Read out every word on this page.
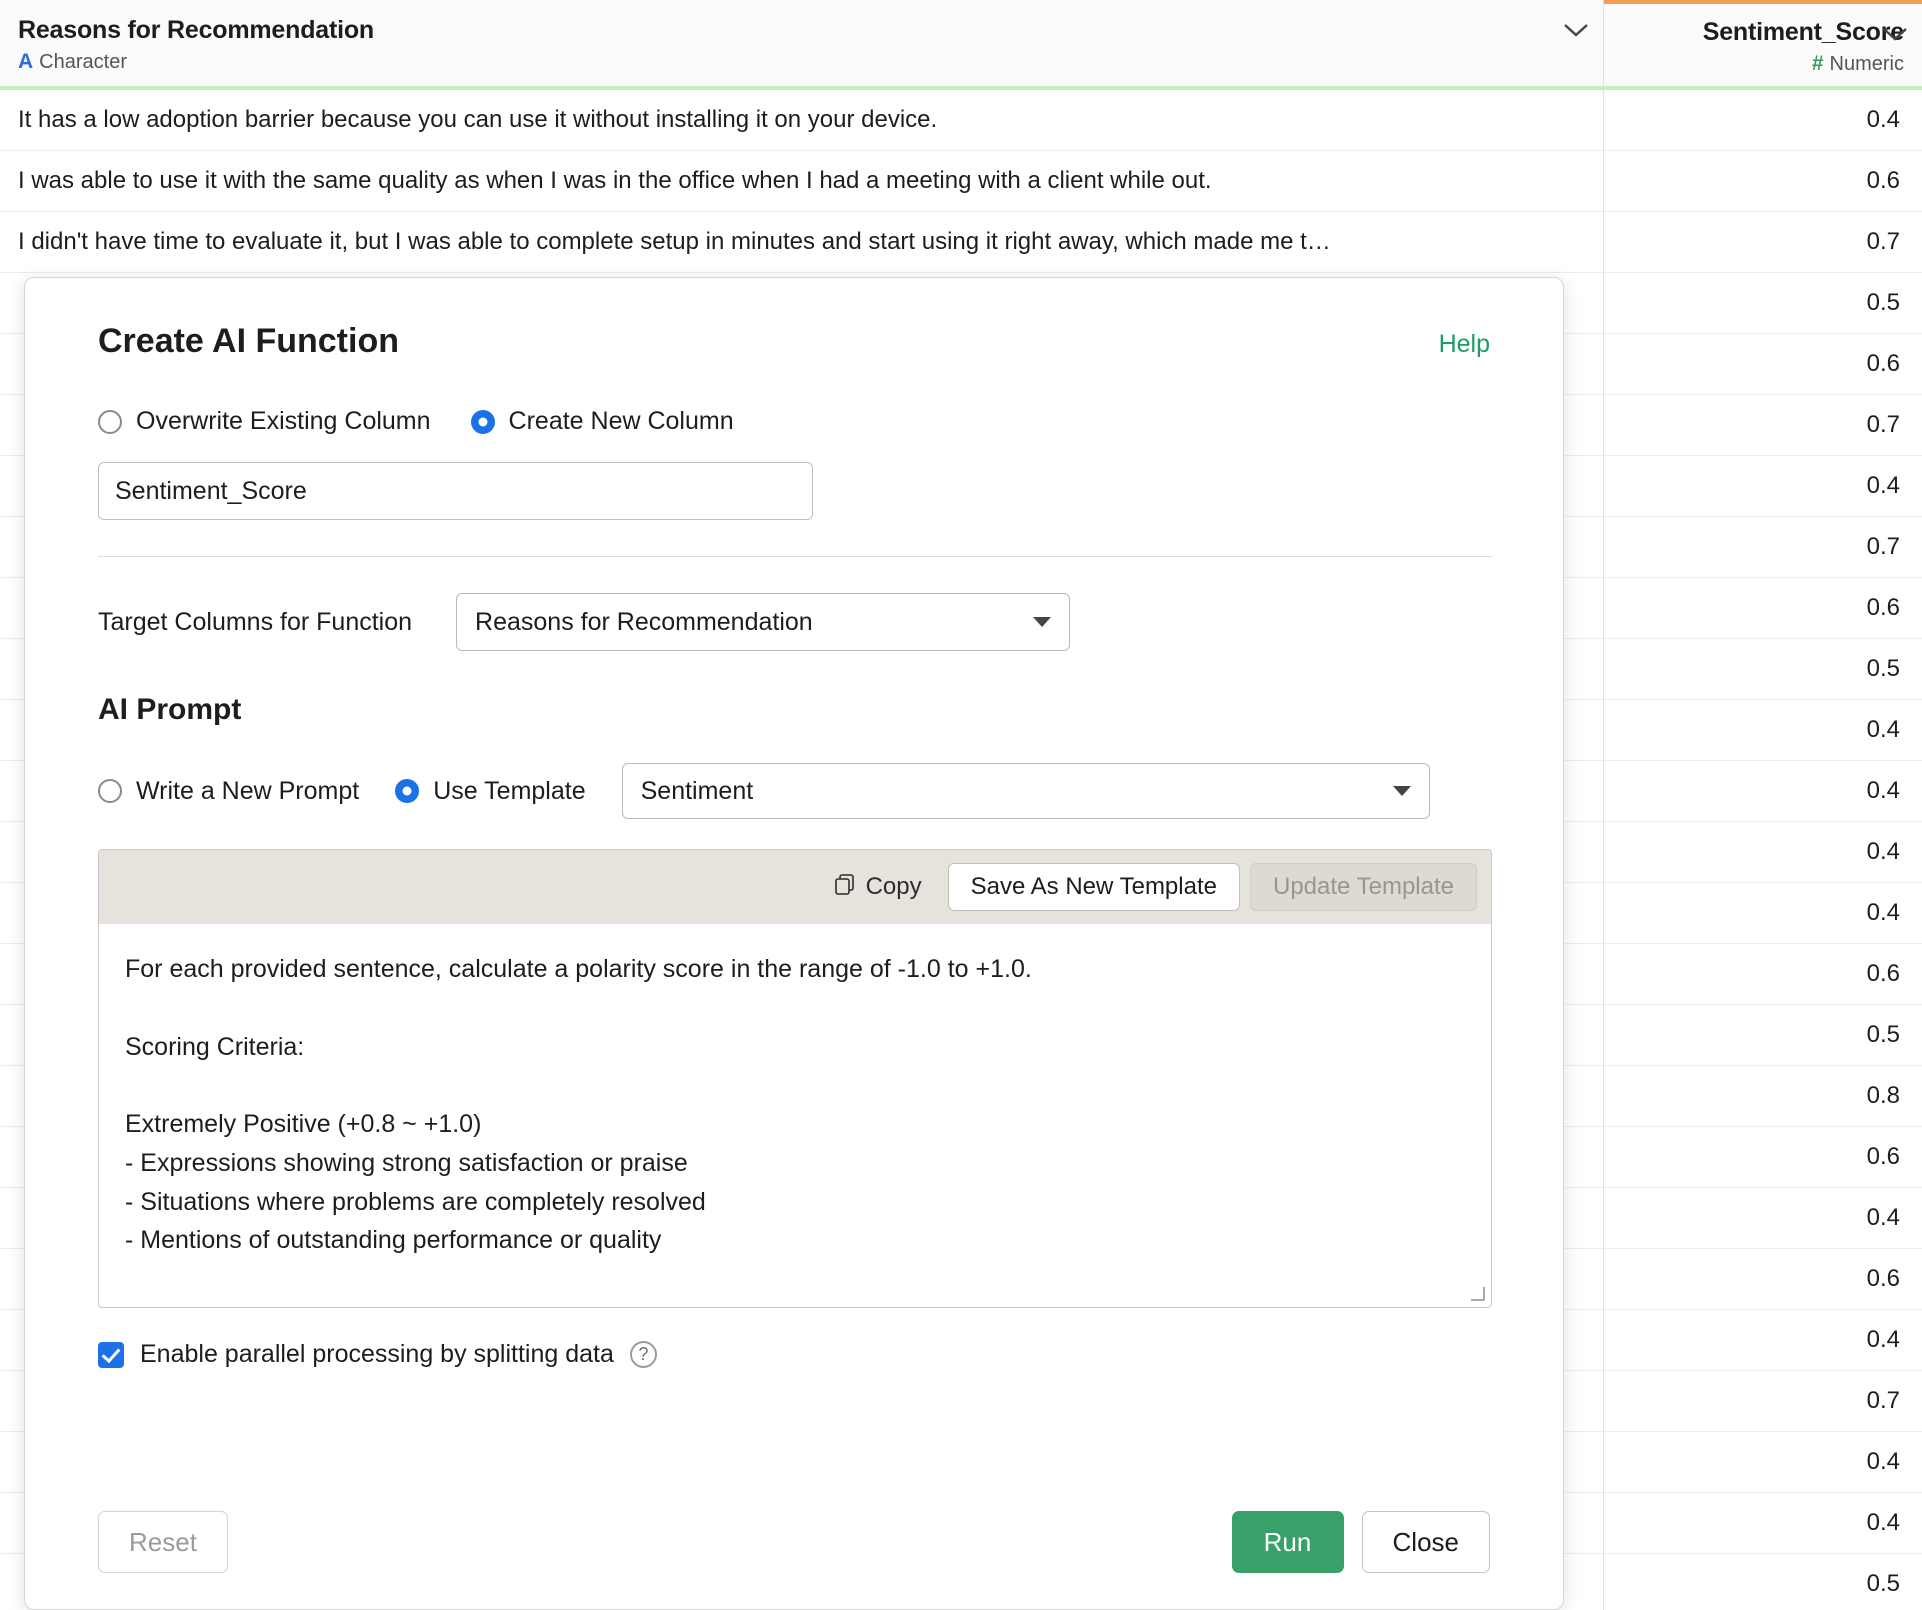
Reasons for Recommendation
A Character
Sentiment_Score
# Numeric
It has a low adoption barrier because you can use it without installing it on your device.	0.4
I was able to use it with the same quality as when I was in the office when I had a meeting with a client while out.	0.6
I didn't have time to evaluate it, but I was able to complete setup in minutes and start using it right away, which made me t…	0.7
0.5
0.6
0.7
0.4
0.7
0.6
0.5
0.4
0.4
0.4
0.4
0.6
0.5
0.8
0.6
0.4
0.6
0.4
0.7
0.4
0.4
0.5
Create AI Function	Help
Overwrite Existing Column	Create New Column
Sentiment_Score
Target Columns for Function	Reasons for Recommendation
AI Prompt
Write a New Prompt	Use Template Sentiment
Copy	Save As New Template	Update Template
For each provided sentence, calculate a polarity score in the range of -1.0 to +1.0. Scoring Criteria: Extremely Positive (+0.8 ~ +1.0) - Expressions showing strong satisfaction or praise - Situations where problems are completely resolved - Mentions of outstanding performance or quality
Enable parallel processing by splitting data	?
Reset	Run	Close
